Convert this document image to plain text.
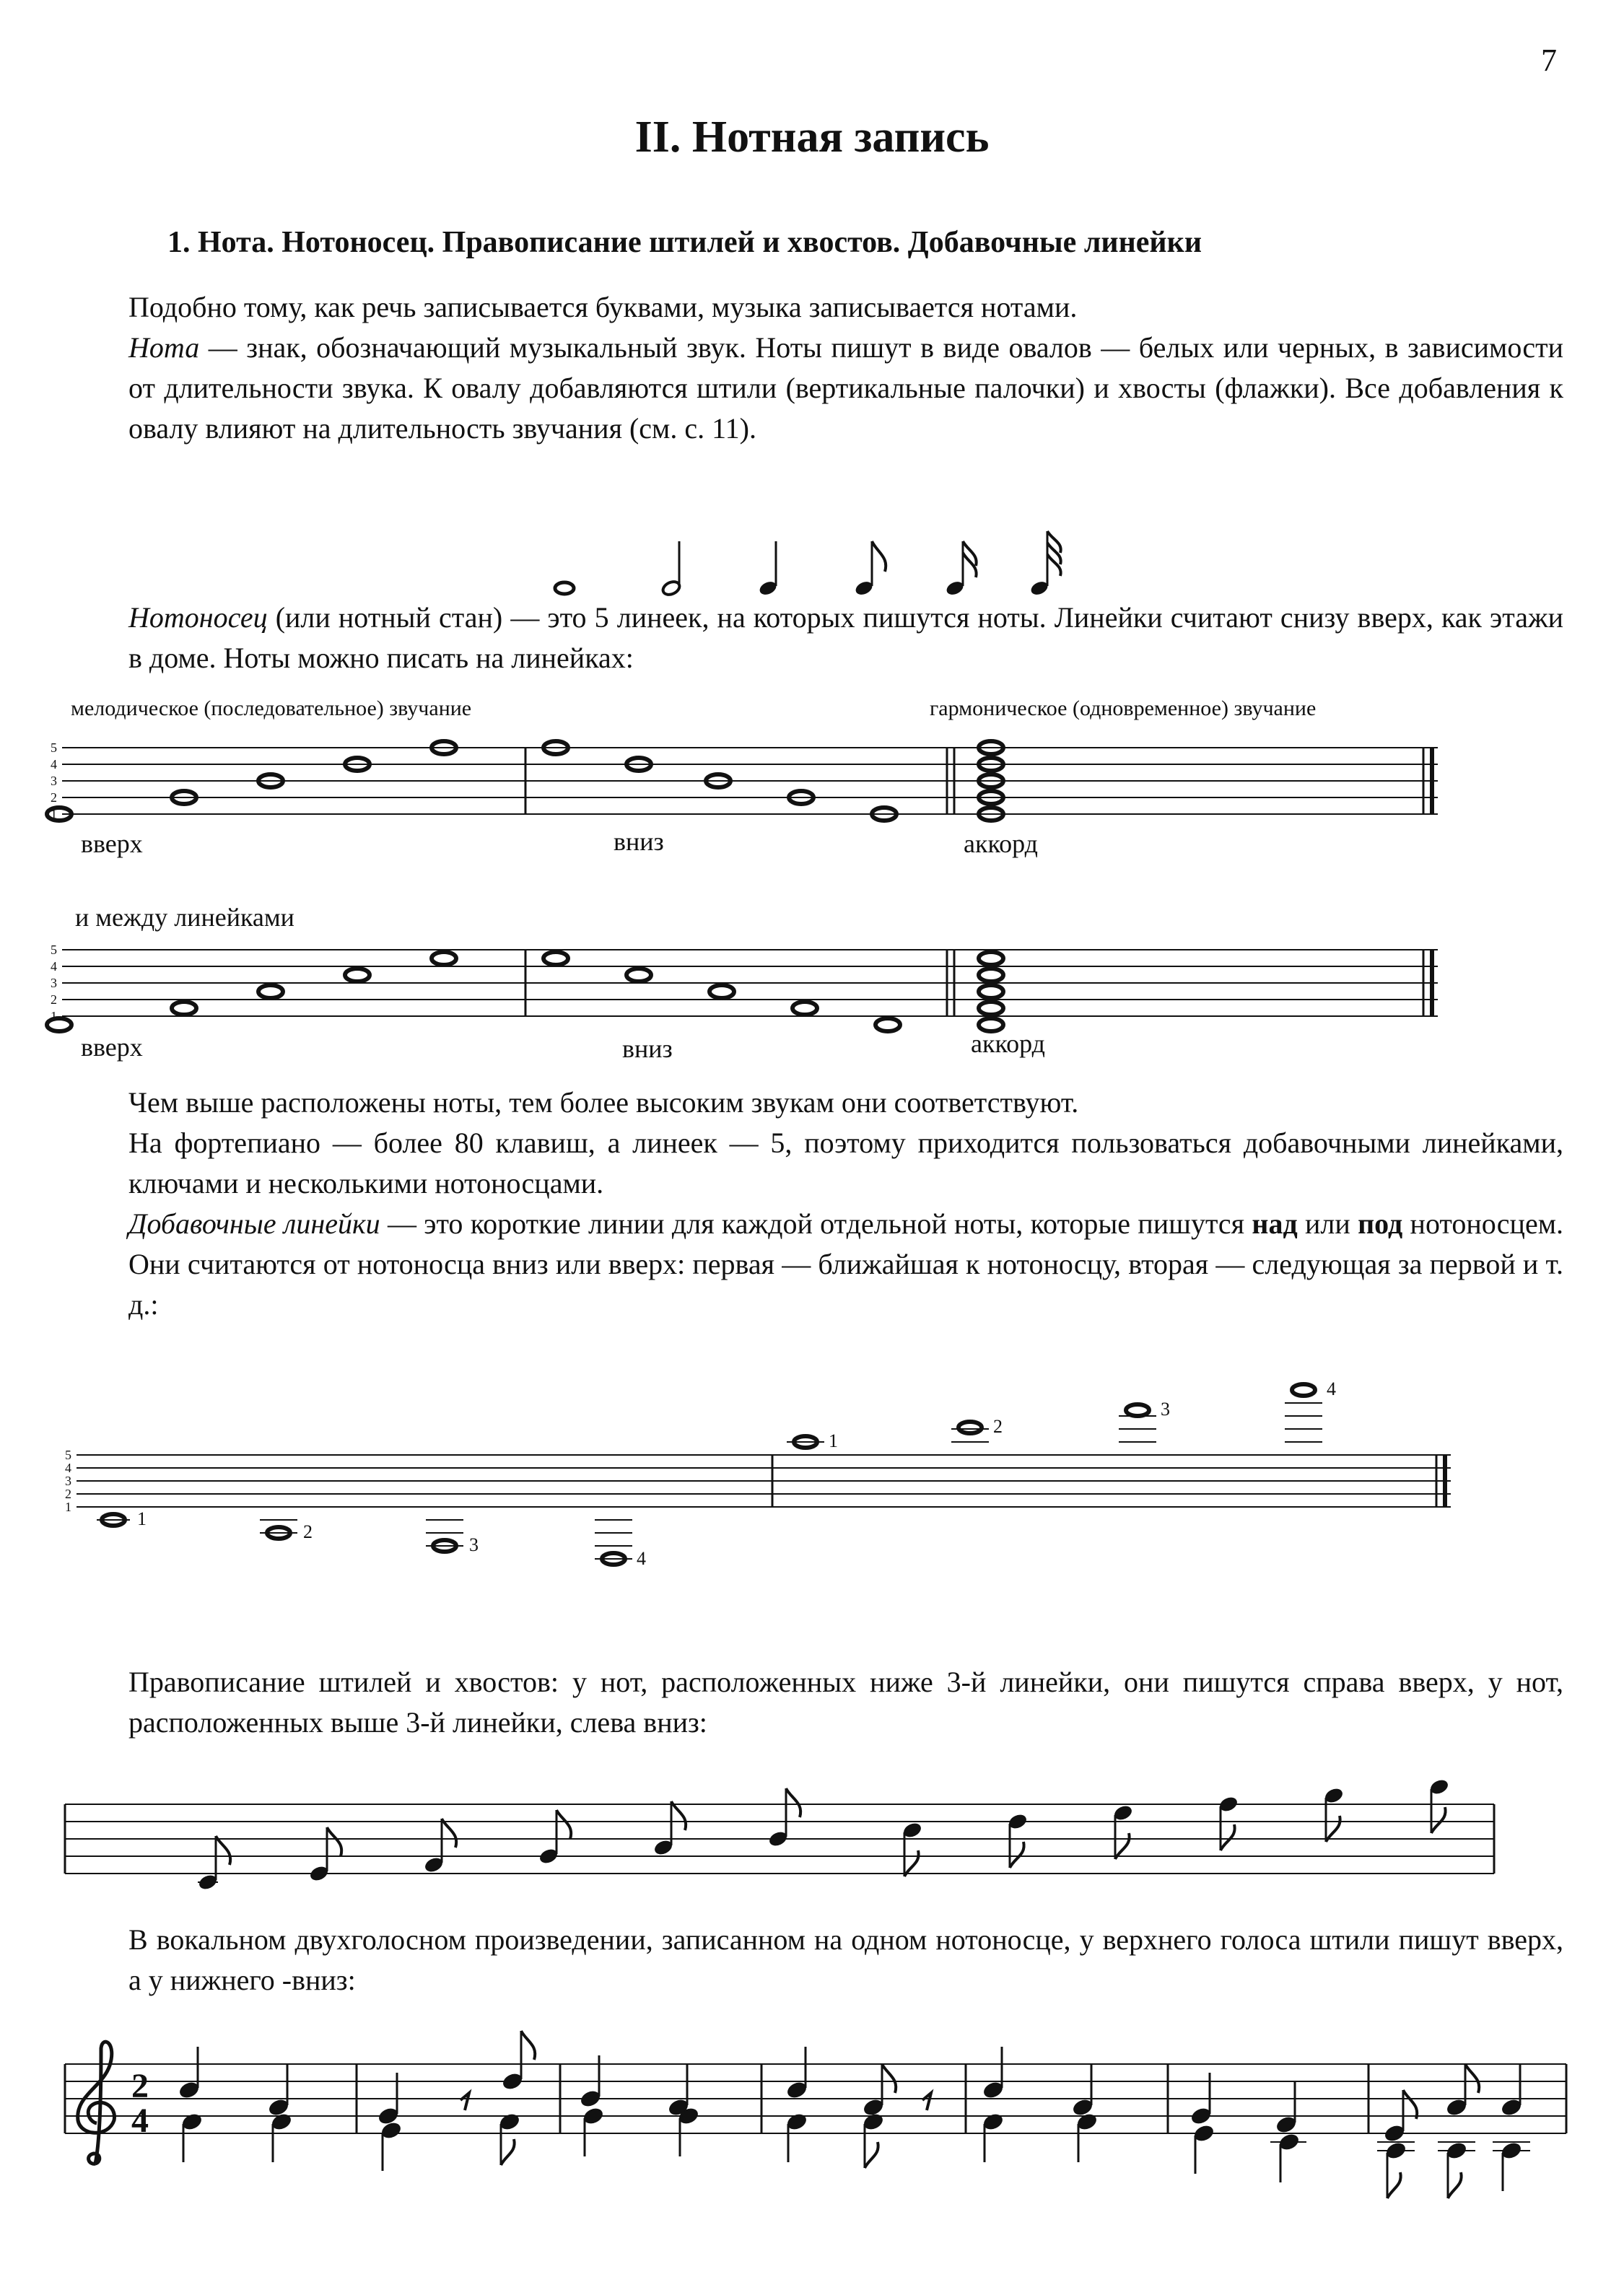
7
II. Нотная запись
1. Нота. Нотоносец. Правописание штилей и хвостов. Добавочные линейки

Подобно тому, как речь записывается буквами, музыка записывается нотами.

Нота — знак, обозначающий музыкальный звук. Ноты пишут в виде овалов — белых или черных, в зависимости от длительности звука. К овалу добавляются штили (вертикальные палочки) и хвосты (флажки). Все добавления к овалу влияют на длительность звучания (см. с. 11).

Нотоносец (или нотный стан) — это 5 линеек, на которых пишутся ноты. Линейки считают снизу вверх, как этажи в доме. Ноты можно писать на линейках:

мелодическое (последовательное) звучание	гармоническое (одновременное) звучание
5
4
3
2
1
вверх	вниз	аккорд
и между линейками
5
4
3
2
1
вверх	вниз	аккорд

Чем выше расположены ноты, тем более высоким звукам они соответствуют.

На фортепиано — более 80 клавиш, а линеек — 5, поэтому приходится пользоваться добавочными линейками, ключами и несколькими нотоносцами.

Добавочные линейки — это короткие линии для каждой отдельной ноты, которые пишутся над или под нотоносцем. Они считаются от нотоносца вниз или вверх: первая — ближайшая к нотоносцу, вторая — следующая за первой и т. д.:

5
4
3
2
1
1
2
3
4
1
2
3
4

Правописание штилей и хвостов: у нот, расположенных ниже 3-й линейки, они пишутся справа вверх, у нот, расположенных выше 3-й линейки, слева вниз:

В вокальном двухголосном произведении, записанном на одном нотоносце, у верхнего голоса штили пишут вверх, а у нижнего -вниз:

2
4
